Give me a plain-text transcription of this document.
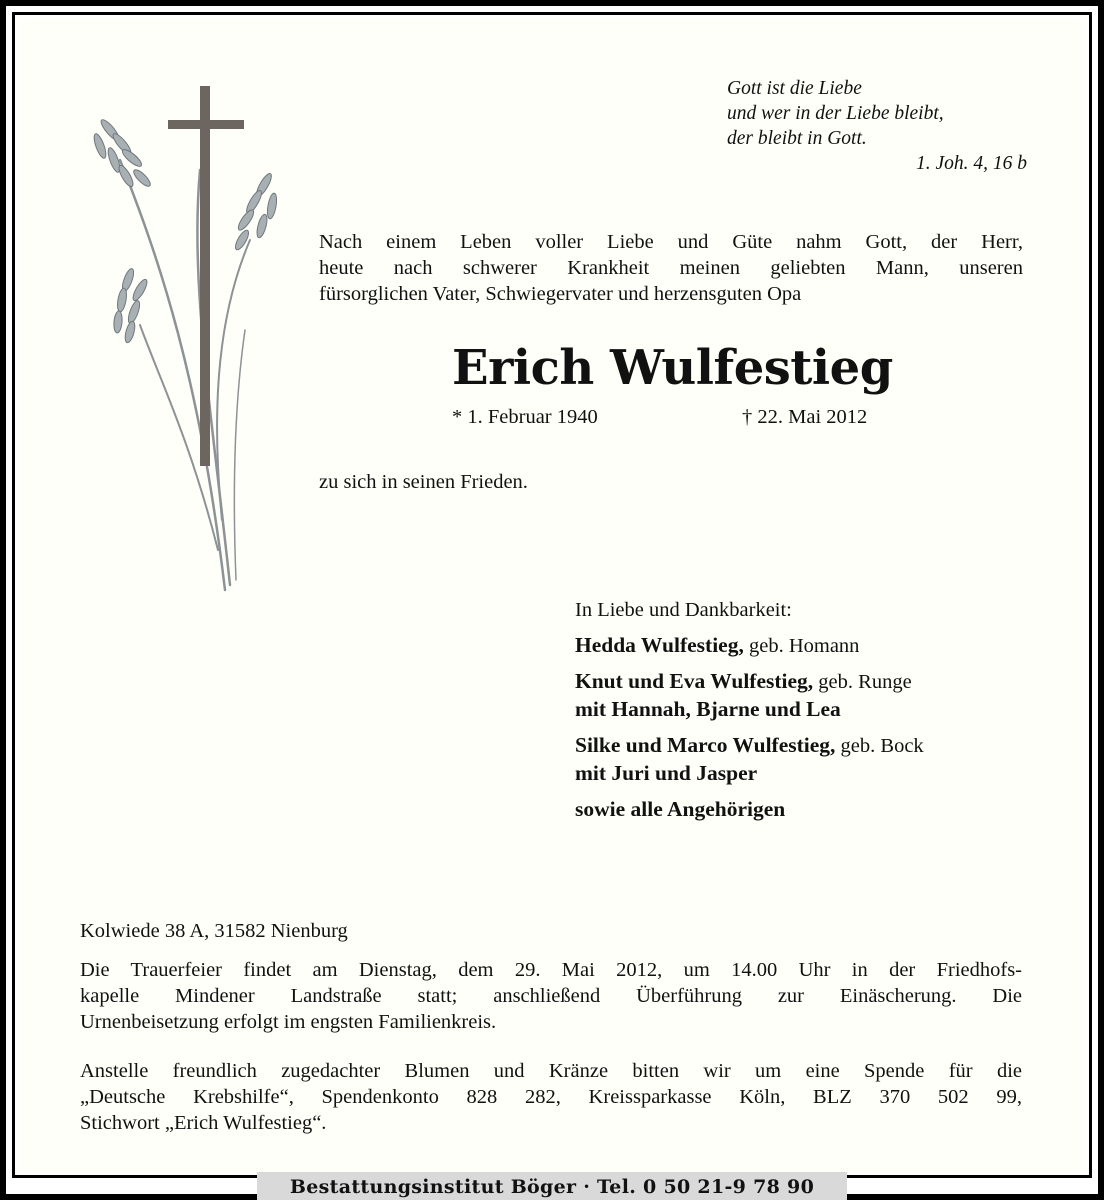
Gott ist die Liebe
und wer in der Liebe bleibt,
der bleibt in Gott.
1. Joh. 4, 16 b
Nach einem Leben voller Liebe und Güte nahm Gott, der Herr,
heute nach schwerer Krankheit meinen geliebten Mann, unseren
fürsorglichen Vater, Schwiegervater und herzensguten Opa
Erich Wulfestieg
* 1. Februar 1940	† 22. Mai 2012
zu sich in seinen Frieden.
In Liebe und Dankbarkeit:
Hedda Wulfestieg, geb. Homann
Knut und Eva Wulfestieg, geb. Runge
mit Hannah, Bjarne und Lea
Silke und Marco Wulfestieg, geb. Bock
mit Juri und Jasper
sowie alle Angehörigen
Kolwiede 38 A, 31582 Nienburg
Die Trauerfeier findet am Dienstag, dem 29. Mai 2012, um 14.00 Uhr in der Friedhofs-
kapelle Mindener Landstraße statt; anschließend Überführung zur Einäscherung. Die
Urnenbeisetzung erfolgt im engsten Familienkreis.
Anstelle freundlich zugedachter Blumen und Kränze bitten wir um eine Spende für die
„Deutsche Krebshilfe“, Spendenkonto 828 282, Kreissparkasse Köln, BLZ 370 502 99,
Stichwort „Erich Wulfestieg“.
Bestattungsinstitut Böger · Tel. 0 50 21-9 78 90
